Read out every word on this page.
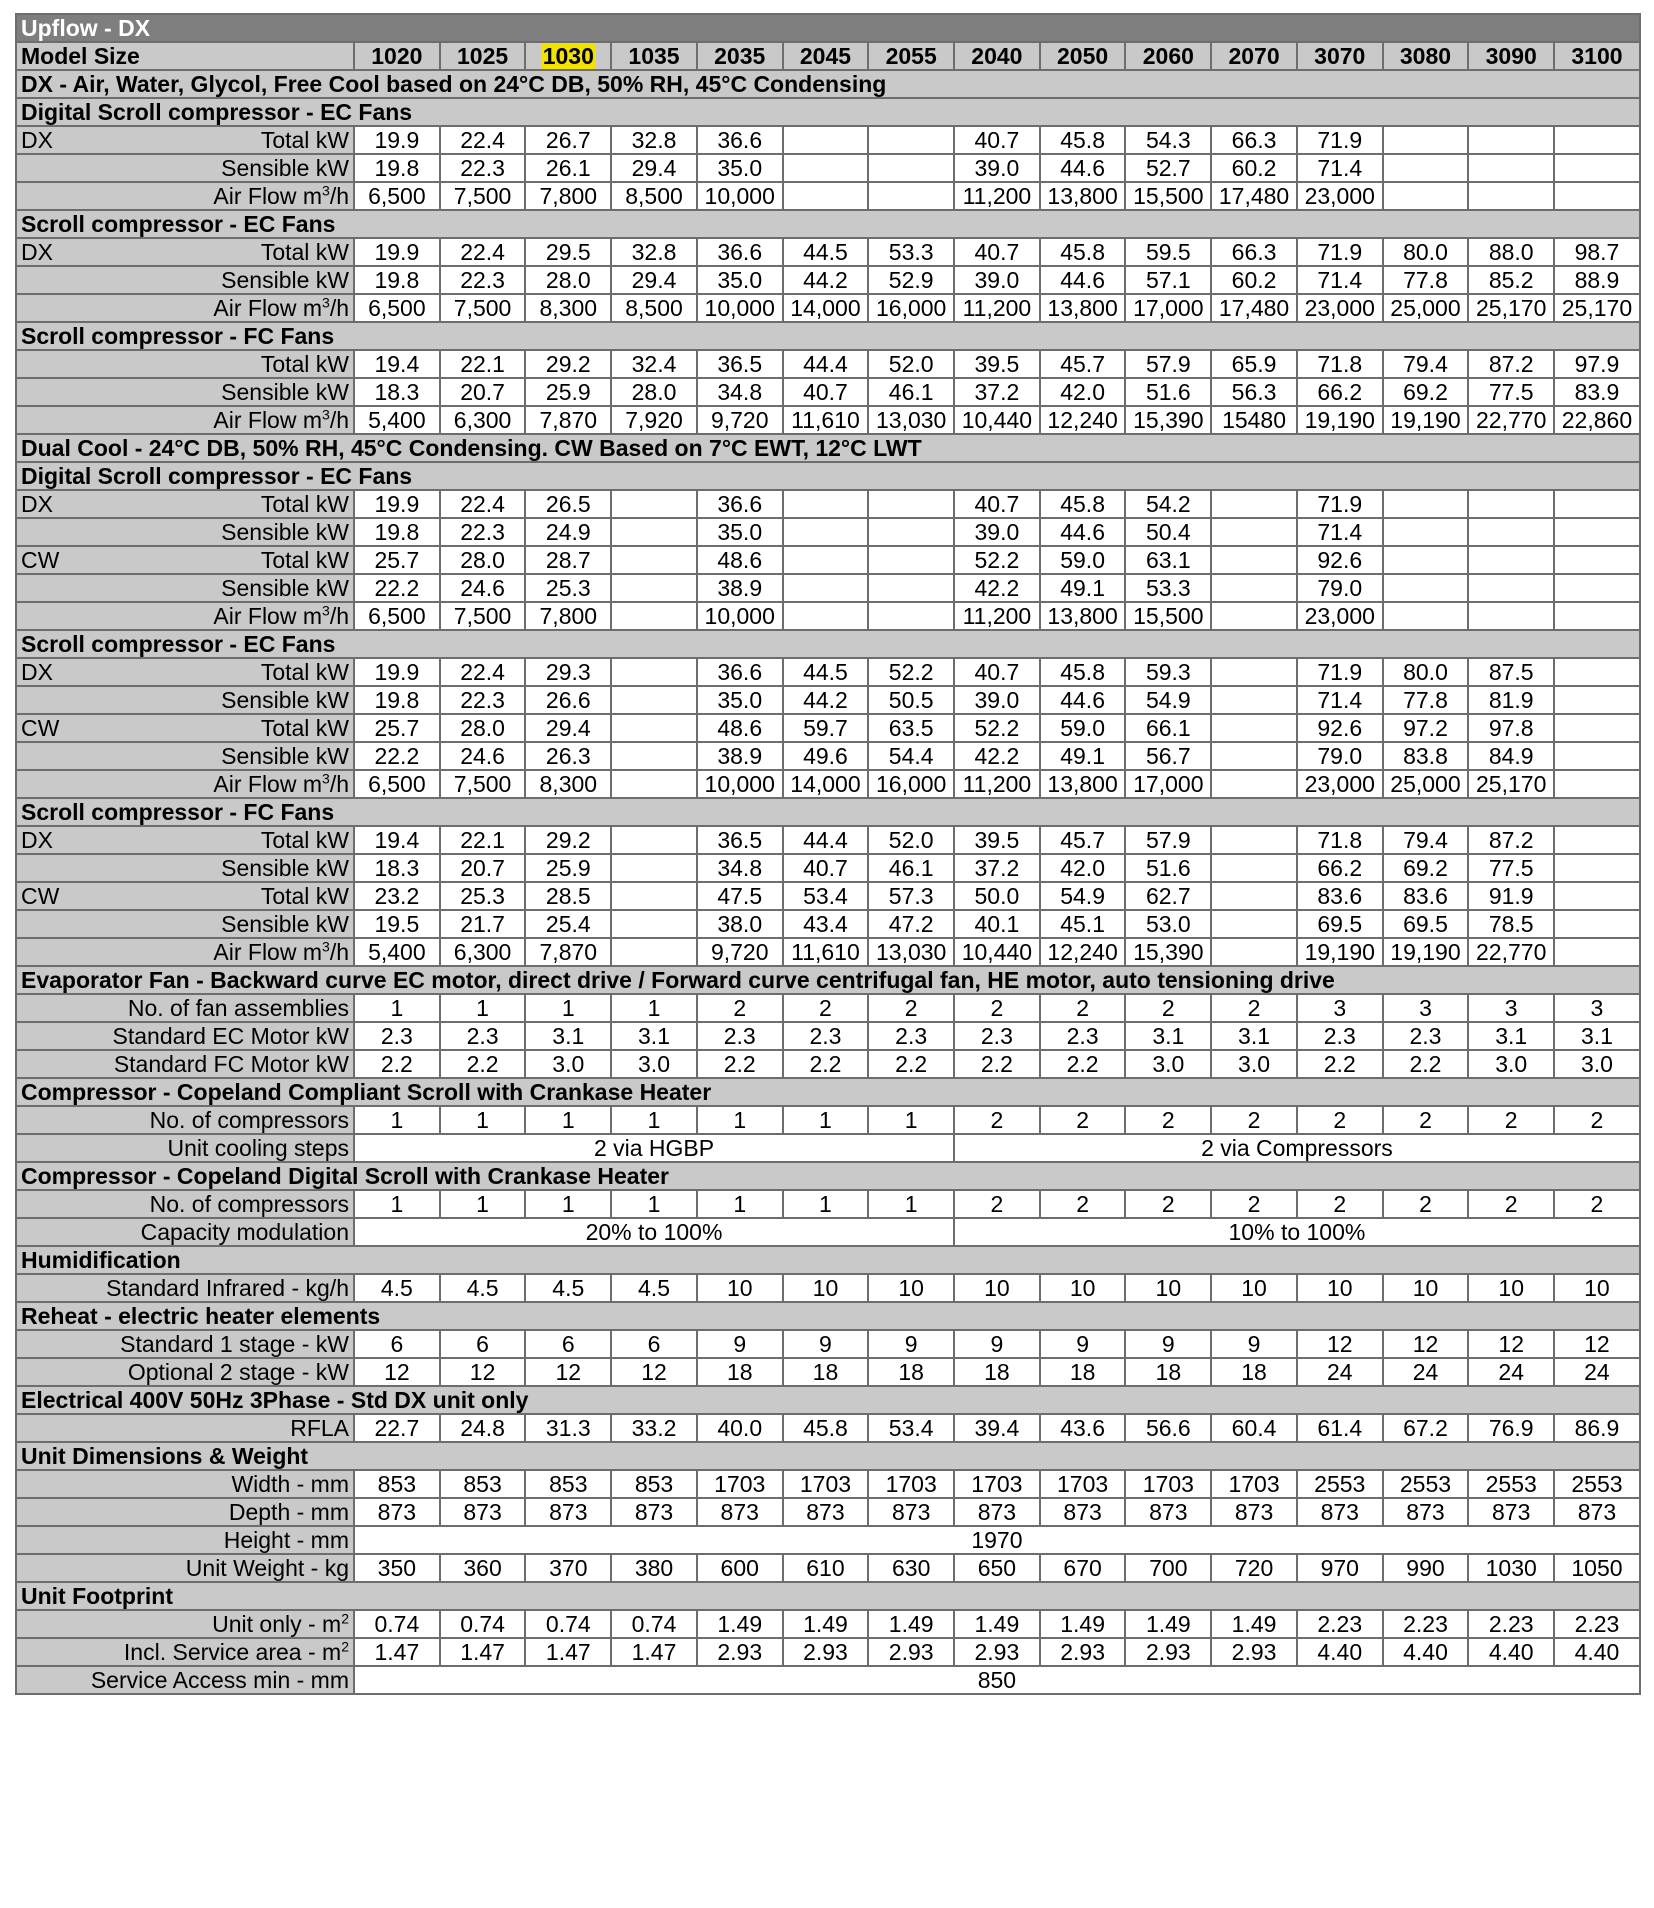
Upflow - DX															
Model Size	1020	1025	1030	1035	2035	2045	2055	2040	2050	2060	2070	3070	3080	3090	3100
DX - Air, Water, Glycol, Free Cool based on 24°C DB, 50% RH, 45°C Condensing															
Digital Scroll compressor - EC Fans															

DX Total kW	19.9	22.4	26.7	32.8	36.6			40.7	45.8	54.3	66.3	71.9			
Sensible kW	19.8	22.3	26.1	29.4	35.0			39.0	44.6	52.7	60.2	71.4			
Air Flow $m^3/h$	6,500	7,500	7,800	8,500	10,000			11,200	13,800	15,500	17,480	23,000			
Scroll compressor - EC Fans															

DX Total kW	19.9	22.4	29.5	32.8	36.6	44.5	53.3	40.7	45.8	59.5	66.3	71.9	80.0	88.0	98.7
Sensible kW	19.8	22.3	28.0	29.4	35.0	44.2	52.9	39.0	44.6	57.1	60.2	71.4	77.8	85.2	88.9
Air Flow $m^3/h$	6,500	7,500	8,300	8,500	10,000	14,000	16,000	11,200	13,800	17,000	17,480	23,000	25,000	25,170	25,170
Scroll compressor - FC Fans															
Total kW	19.4	22.1	29.2	32.4	36.5	44.4	52.0	39.5	45.7	57.9	65.9	71.8	79.4	87.2	97.9
Sensible kW	18.3	20.7	25.9	28.0	34.8	40.7	46.1	37.2	42.0	51.6	56.3	66.2	69.2	77.5	83.9
Air Flow $m^3/h$	5,400	6,300	7,870	7,920	9,720	11,610	13,030	10,440	12,240	15,390	15480	19,190	19,190	22,770	22,860
Dual Cool - 24°C DB, 50% RH, 45°C Condensing. CW Based on 7°C EWT, 12°C LWT															
Digital Scroll compressor - EC Fans															

DX Total kW	19.9	22.4	26.5		36.6			40.7	45.8	54.2		71.9			
Sensible kW	19.8	22.3	24.9		35.0			39.0	44.6	50.4		71.4			

CW Total kW	25.7	28.0	28.7		48.6			52.2	59.0	63.1		92.6			
Sensible kW	22.2	24.6	25.3		38.9			42.2	49.1	53.3		79.0			
Air Flow $m^3/h$	6,500	7,500	7,800		10,000			11,200	13,800	15,500		23,000			
Scroll compressor - EC Fans															

DX Total kW	19.9	22.4	29.3		36.6	44.5	52.2	40.7	45.8	59.3		71.9	80.0	87.5	
Sensible kW	19.8	22.3	26.6		35.0	44.2	50.5	39.0	44.6	54.9		71.4	77.8	81.9	

CW Total kW	25.7	28.0	29.4		48.6	59.7	63.5	52.2	59.0	66.1		92.6	97.2	97.8	
Sensible kW	22.2	24.6	26.3		38.9	49.6	54.4	42.2	49.1	56.7		79.0	83.8	84.9	
Air Flow $m^3/h$	6,500	7,500	8,300		10,000	14,000	16,000	11,200	13,800	17,000		23,000	25,000	25,170	
Scroll compressor - FC Fans															

DX Total kW	19.4	22.1	29.2		36.5	44.4	52.0	39.5	45.7	57.9		71.8	79.4	87.2	
Sensible kW	18.3	20.7	25.9		34.8	40.7	46.1	37.2	42.0	51.6		66.2	69.2	77.5	

CW Total kW	23.2	25.3	28.5		47.5	53.4	57.3	50.0	54.9	62.7		83.6	83.6	91.9	
Sensible kW	19.5	21.7	25.4		38.0	43.4	47.2	40.1	45.1	53.0		69.5	69.5	78.5	
Air Flow $m^3/h$	5,400	6,300	7,870		9,720	11,610	13,030	10,440	12,240	15,390		19,190	19,190	22,770	
Evaporator Fan - Backward curve EC motor, direct drive / Forward curve centrifugal fan, HE motor, auto tensioning drive															
No. of fan assemblies	1	1	1	1	2	2	2	2	2	2	2	3	3	3	3
Standard EC Motor kW	2.3	2.3	3.1	3.1	2.3	2.3	2.3	2.3	2.3	3.1	3.1	2.3	2.3	3.1	3.1
Standard FC Motor kW	2.2	2.2	3.0	3.0	2.2	2.2	2.2	2.2	2.2	3.0	3.0	2.2	2.2	3.0	3.0
Compressor - Copeland Compliant Scroll with Crankase Heater															
No. of compressors	1	1	1	1	1	1	1	2	2	2	2	2	2	2	2
Unit cooling steps	2 via HGBP							2 via Compressors							
Compressor - Copeland Digital Scroll with Crankase Heater															
No. of compressors	1	1	1	1	1	1	1	2	2	2	2	2	2	2	2
Capacity modulation	20% to 100%							10% to 100%							
Humidification															
Standard Infrared - kg/h	4.5	4.5	4.5	4.5	10	10	10	10	10	10	10	10	10	10	10
Reheat - electric heater elements															
Standard 1 stage - kW	6	6	6	6	9	9	9	9	9	9	9	12	12	12	12
Optional 2 stage - kW	12	12	12	12	18	18	18	18	18	18	18	24	24	24	24
Electrical 400V 50Hz 3Phase - Std DX unit only															
RFLA	22.7	24.8	31.3	33.2	40.0	45.8	53.4	39.4	43.6	56.6	60.4	61.4	67.2	76.9	86.9
Unit Dimensions & Weight															
Width - mm	853	853	853	853	1703	1703	1703	1703	1703	1703	1703	2553	2553	2553	2553
Depth - mm	873	873	873	873	873	873	873	873	873	873	873	873	873	873	873
Height - mm	1970														
Unit Weight - kg	350	360	370	380	600	610	630	650	670	700	720	970	990	1030	1050
Unit Footprint															
Unit only - $m^2$	0.74	0.74	0.74	0.74	1.49	1.49	1.49	1.49	1.49	1.49	1.49	2.23	2.23	2.23	2.23
Incl. Service area - $m^2$	1.47	1.47	1.47	1.47	2.93	2.93	2.93	2.93	2.93	2.93	2.93	4.40	4.40	4.40	4.40
Service Access min - mm	850														
